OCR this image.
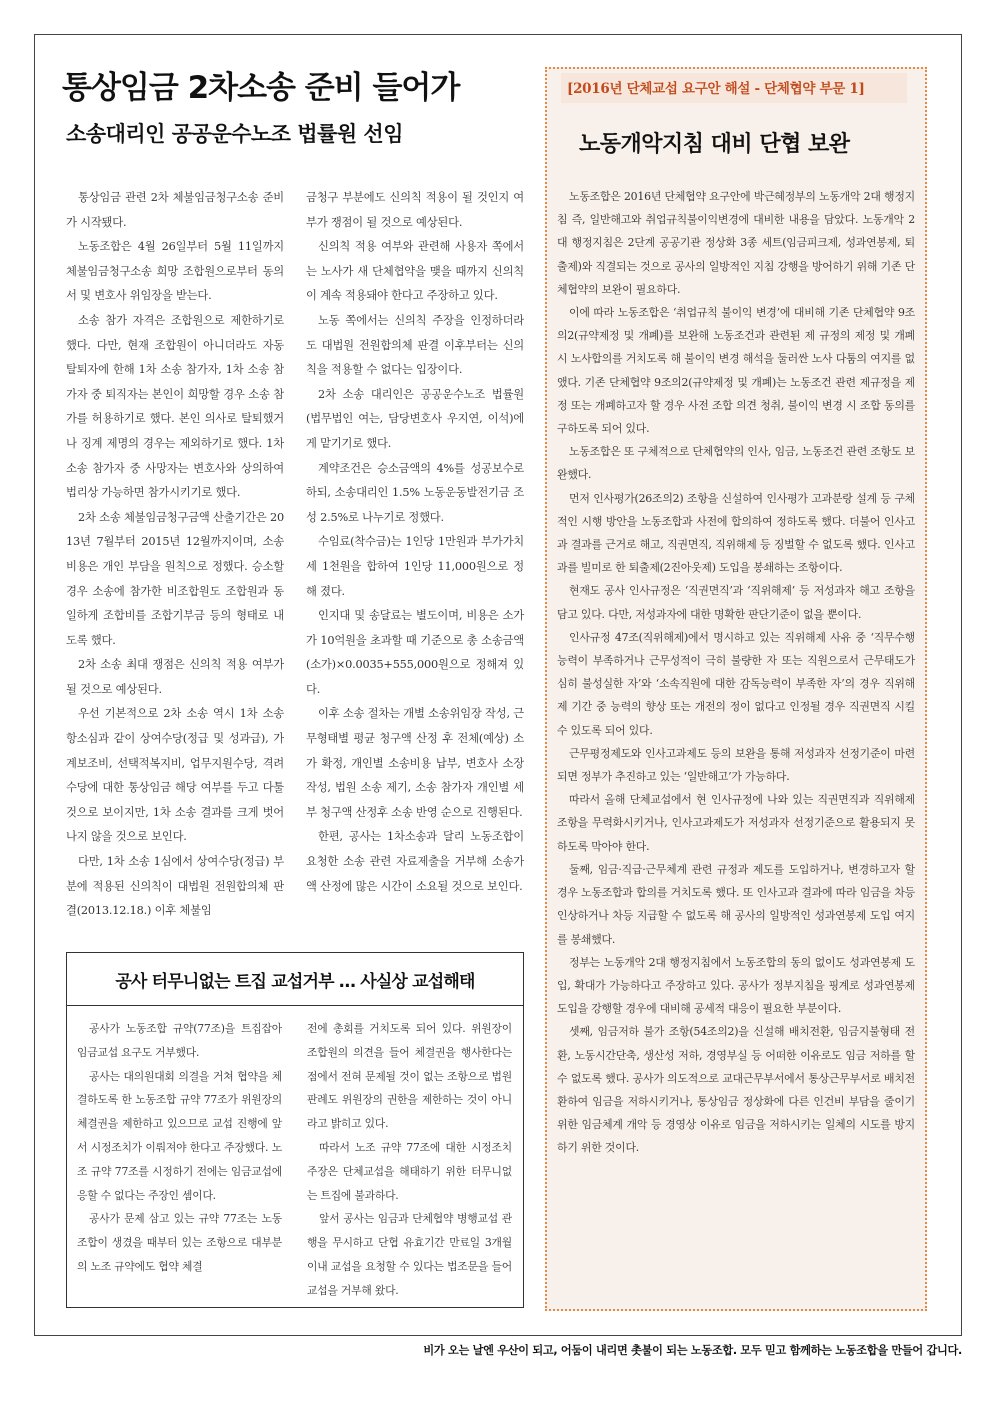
통상임금 2차소송 준비 들어가
소송대리인 공공운수노조 법률원 선임

통상임금 관련 2차 체불임금청구소송 준비가 시작됐다.

노동조합은 4월 26일부터 5월 11일까지 체불임금청구소송 희망 조합원으로부터 동의서 및 변호사 위임장을 받는다.

소송 참가 자격은 조합원으로 제한하기로 했다. 다만, 현재 조합원이 아니더라도 자동 탈퇴자에 한해 1차 소송 참가자, 1차 소송 참가자 중 퇴직자는 본인이 희망할 경우 소송 참가를 허용하기로 했다. 본인 의사로 탈퇴했거나 징계 제명의 경우는 제외하기로 했다. 1차 소송 참가자 중 사망자는 변호사와 상의하여 법리상 가능하면 참가시키기로 했다.

2차 소송 체불임금청구금액 산출기간은 2013년 7월부터 2015년 12월까지이며, 소송비용은 개인 부담을 원칙으로 정했다. 승소할 경우 소송에 참가한 비조합원도 조합원과 동일하게 조합비를 조합기부금 등의 형태로 내도록 했다.

2차 소송 최대 쟁점은 신의칙 적용 여부가 될 것으로 예상된다.

우선 기본적으로 2차 소송 역시 1차 소송 항소심과 같이 상여수당(정급 및 성과급), 가계보조비, 선택적복지비, 업무지원수당, 격려수당에 대한 통상임금 해당 여부를 두고 다툴 것으로 보이지만, 1차 소송 결과를 크게 벗어나지 않을 것으로 보인다.

다만, 1차 소송 1심에서 상여수당(정급) 부분에 적용된 신의칙이 대법원 전원합의체 판결(2013.12.18.) 이후 체불임

금청구 부분에도 신의칙 적용이 될 것인지 여부가 쟁점이 될 것으로 예상된다.

신의칙 적용 여부와 관련해 사용자 쪽에서는 노사가 새 단체협약을 맺을 때까지 신의칙이 계속 적용돼야 한다고 주장하고 있다.

노동 쪽에서는 신의칙 주장을 인정하더라도 대법원 전원합의체 판결 이후부터는 신의칙을 적용할 수 없다는 입장이다.

2차 소송 대리인은 공공운수노조 법률원(법무법인 여는, 담당변호사 우지연, 이석)에게 맡기기로 했다.

계약조건은 승소금액의 4%를 성공보수로 하되, 소송대리인 1.5% 노동운동발전기금 조성 2.5%로 나누기로 정했다.

수임료(착수금)는 1인당 1만원과 부가가치세 1천원을 합하여 1인당 11,000원으로 정해 졌다.

인지대 및 송달료는 별도이며, 비용은 소가가 10억원을 초과할 때 기준으로 총 소송금액(소가)×0.0035+555,000원으로 정해져 있다.

이후 소송 절차는 개별 소송위임장 작성, 근무형태별 평균 청구액 산정 후 전체(예상) 소가 확정, 개인별 소송비용 납부, 변호사 소장 작성, 법원 소송 제기, 소송 참가자 개인별 세부 청구액 산정후 소송 반영 순으로 진행된다.

한편, 공사는 1차소송과 달리 노동조합이 요청한 소송 관련 자료제출을 거부해 소송가액 산정에 많은 시간이 소요될 것으로 보인다.

공사 터무니없는 트집 교섭거부 … 사실상 교섭해태

공사가 노동조합 규약(77조)을 트집잡아 임금교섭 요구도 거부했다.

공사는 대의원대회 의결을 거쳐 협약을 체결하도록 한 노동조합 규약 77조가 위원장의 체결권을 제한하고 있으므로 교섭 진행에 앞서 시정조치가 이뤄져야 한다고 주장했다. 노조 규약 77조를 시정하기 전에는 임금교섭에 응할 수 없다는 주장인 셈이다.

공사가 문제 삼고 있는 규약 77조는 노동조합이 생겼을 때부터 있는 조항으로 대부분의 노조 규약에도 협약 체결

전에 총회를 거치도록 되어 있다. 위원장이 조합원의 의견을 들어 체결권을 행사한다는 점에서 전혀 문제될 것이 없는 조항으로 법원 판례도 위원장의 권한을 제한하는 것이 아니라고 밝히고 있다.

따라서 노조 규약 77조에 대한 시정조치 주장은 단체교섭을 해태하기 위한 터무니없는 트집에 불과하다.

앞서 공사는 임금과 단체협약 병행교섭 관행을 무시하고 단협 유효기간 만료일 3개월 이내 교섭을 요청할 수 있다는 법조문을 들어 교섭을 거부해 왔다.

[2016년 단체교섭 요구안 해설 - 단체협약 부문 1]
노동개악지침 대비 단협 보완

노동조합은 2016년 단체협약 요구안에 박근혜정부의 노동개악 2대 행정지침 즉, 일반해고와 취업규칙불이익변경에 대비한 내용을 담았다. 노동개악 2대 행정지침은 2단계 공공기관 정상화 3종 세트(임금피크제, 성과연봉제, 퇴출제)와 직결되는 것으로 공사의 일방적인 지침 강행을 방어하기 위해 기존 단체협약의 보완이 필요하다.

이에 따라 노동조합은 ‘취업규칙 불이익 변경’에 대비해 기존 단체협약 9조의2(규약제정 및 개폐)를 보완해 노동조건과 관련된 제 규정의 제정 및 개폐 시 노사합의를 거치도록 해 불이익 변경 해석을 둘러싼 노사 다툼의 여지를 없앴다. 기존 단체협약 9조의2(규약제정 및 개폐)는 노동조건 관련 제규정을 제정 또는 개폐하고자 할 경우 사전 조합 의견 청취, 불이익 변경 시 조합 동의를 구하도록 되어 있다.

노동조합은 또 구체적으로 단체협약의 인사, 임금, 노동조건 관련 조항도 보완했다.

먼저 인사평가(26조의2) 조항을 신설하여 인사평가 고과분랑 설계 등 구체적인 시행 방안을 노동조합과 사전에 합의하여 정하도록 했다. 더불어 인사고과 결과를 근거로 해고, 직권면직, 직위해제 등 징벌할 수 없도록 했다. 인사고과를 빌미로 한 퇴출제(2진아웃제) 도입을 봉쇄하는 조항이다.

현재도 공사 인사규정은 ‘직권면직’과 ‘직위해제’ 등 저성과자 해고 조항을 담고 있다. 다만, 저성과자에 대한 명확한 판단기준이 없을 뿐이다.

인사규정 47조(직위해제)에서 명시하고 있는 직위해제 사유 중 ‘직무수행능력이 부족하거나 근무성적이 극히 불량한 자 또는 직원으로서 근무태도가 심히 불성실한 자’와 ‘소속직원에 대한 감독능력이 부족한 자’의 경우 직위해제 기간 중 능력의 향상 또는 개전의 정이 없다고 인정될 경우 직권면직 시킬 수 있도록 되어 있다.

근무평정제도와 인사고과제도 등의 보완을 통해 저성과자 선정기준이 마련되면 정부가 추진하고 있는 ‘일반해고’가 가능하다.

따라서 올해 단체교섭에서 현 인사규정에 나와 있는 직권면직과 직위해제 조항을 무력화시키거나, 인사고과제도가 저성과자 선정기준으로 활용되지 못하도록 막아야 한다.

둘째, 임금·직급·근무체계 관련 규정과 제도를 도입하거나, 변경하고자 할 경우 노동조합과 합의를 거치도록 했다. 또 인사고과 결과에 따라 임금을 차등 인상하거나 차등 지급할 수 없도록 해 공사의 일방적인 성과연봉제 도입 여지를 봉쇄했다.

정부는 노동개악 2대 행정지침에서 노동조합의 동의 없이도 성과연봉제 도입, 확대가 가능하다고 주장하고 있다. 공사가 정부지침을 핑계로 성과연봉제 도입을 강행할 경우에 대비해 공세적 대응이 필요한 부분이다.

셋째, 임금저하 불가 조항(54조의2)을 신설해 배치전환, 임금지불형태 전환, 노동시간단축, 생산성 저하, 경영부실 등 어떠한 이유로도 임금 저하를 할 수 없도록 했다. 공사가 의도적으로 교대근무부서에서 통상근무부서로 배치전환하여 임금을 저하시키거나, 통상임금 정상화에 다른 인건비 부담을 줄이기 위한 임금체계 개악 등 경영상 이유로 임금을 저하시키는 일체의 시도를 방지하기 위한 것이다.

비가 오는 날엔 우산이 되고, 어둠이 내리면 촛불이 되는 노동조합. 모두 믿고 함께하는 노동조합을 만들어 갑니다.
